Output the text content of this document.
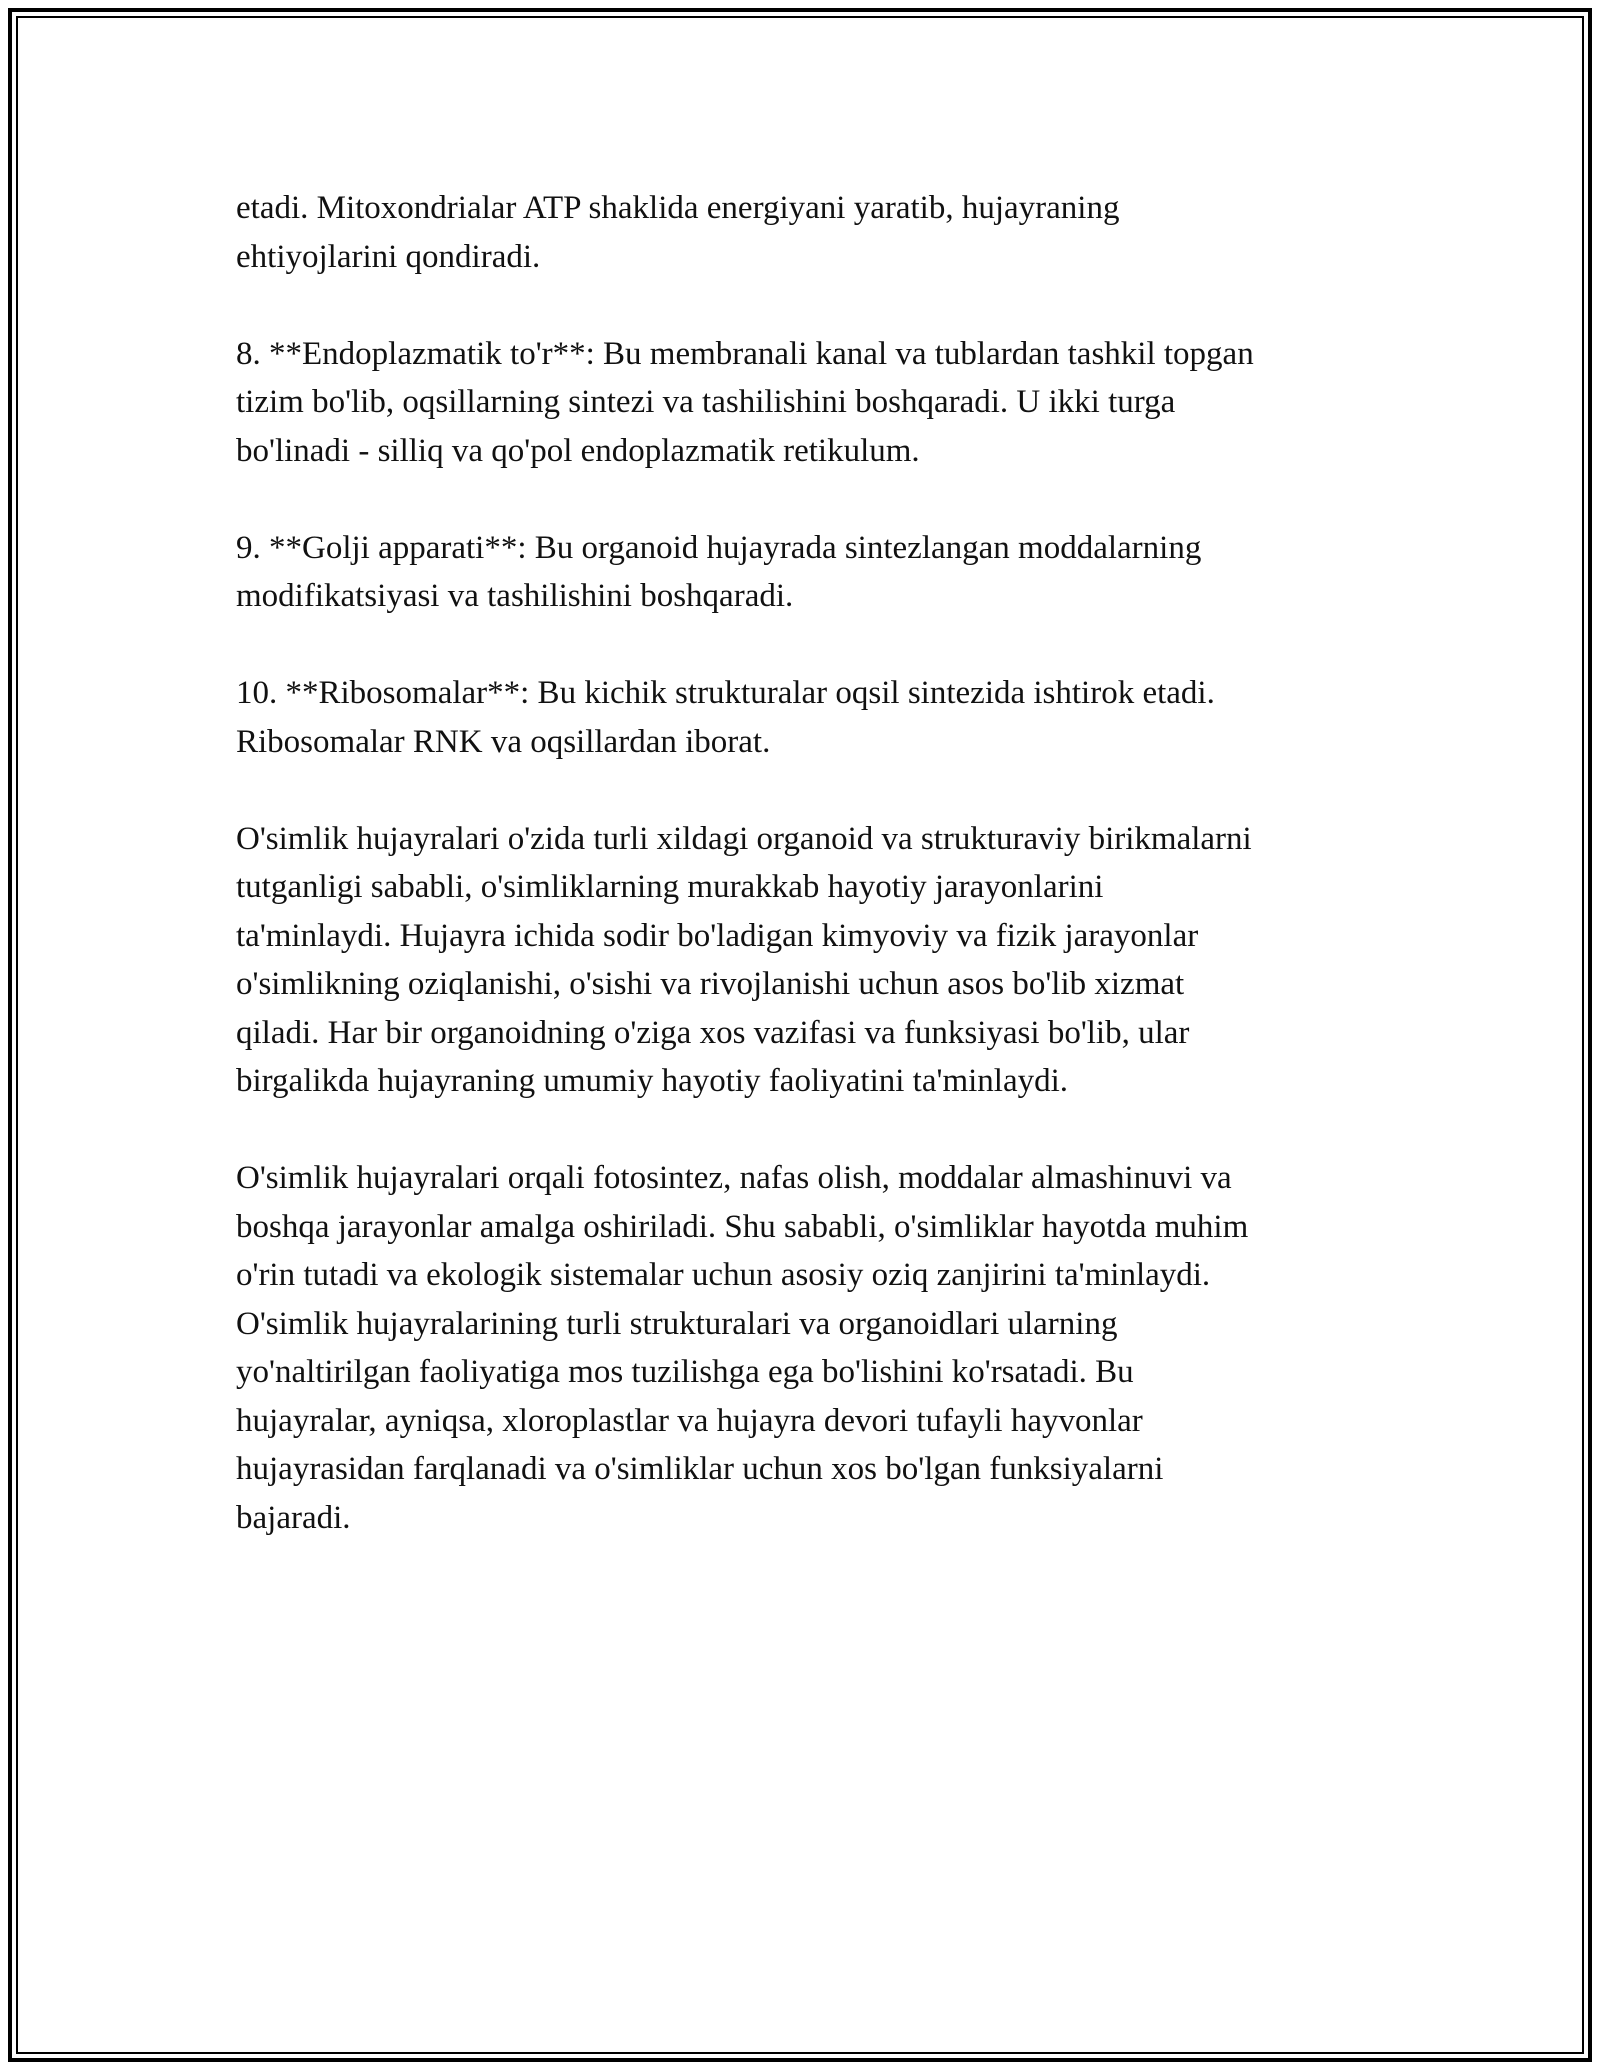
etadi. Mitoxondrialar ATP shaklida energiyani yaratib, hujayraning
ehtiyojlarini qondiradi.

8. **Endoplazmatik to'r**: Bu membranali kanal va tublardan tashkil topgan
tizim bo'lib, oqsillarning sintezi va tashilishini boshqaradi. U ikki turga
bo'linadi - silliq va qo'pol endoplazmatik retikulum.

9. **Golji apparati**: Bu organoid hujayrada sintezlangan moddalarning
modifikatsiyasi va tashilishini boshqaradi.

10. **Ribosomalar**: Bu kichik strukturalar oqsil sintezida ishtirok etadi.
Ribosomalar RNK va oqsillardan iborat.

O'simlik hujayralari o'zida turli xildagi organoid va strukturaviy birikmalarni
tutganligi sababli, o'simliklarning murakkab hayotiy jarayonlarini
ta'minlaydi. Hujayra ichida sodir bo'ladigan kimyoviy va fizik jarayonlar
o'simlikning oziqlanishi, o'sishi va rivojlanishi uchun asos bo'lib xizmat
qiladi. Har bir organoidning o'ziga xos vazifasi va funksiyasi bo'lib, ular
birgalikda hujayraning umumiy hayotiy faoliyatini ta'minlaydi.

O'simlik hujayralari orqali fotosintez, nafas olish, moddalar almashinuvi va
boshqa jarayonlar amalga oshiriladi. Shu sababli, o'simliklar hayotda muhim
o'rin tutadi va ekologik sistemalar uchun asosiy oziq zanjirini ta'minlaydi.
O'simlik hujayralarining turli strukturalari va organoidlari ularning
yo'naltirilgan faoliyatiga mos tuzilishga ega bo'lishini ko'rsatadi. Bu
hujayralar, ayniqsa, xloroplastlar va hujayra devori tufayli hayvonlar
hujayrasidan farqlanadi va o'simliklar uchun xos bo'lgan funksiyalarni
bajaradi.
